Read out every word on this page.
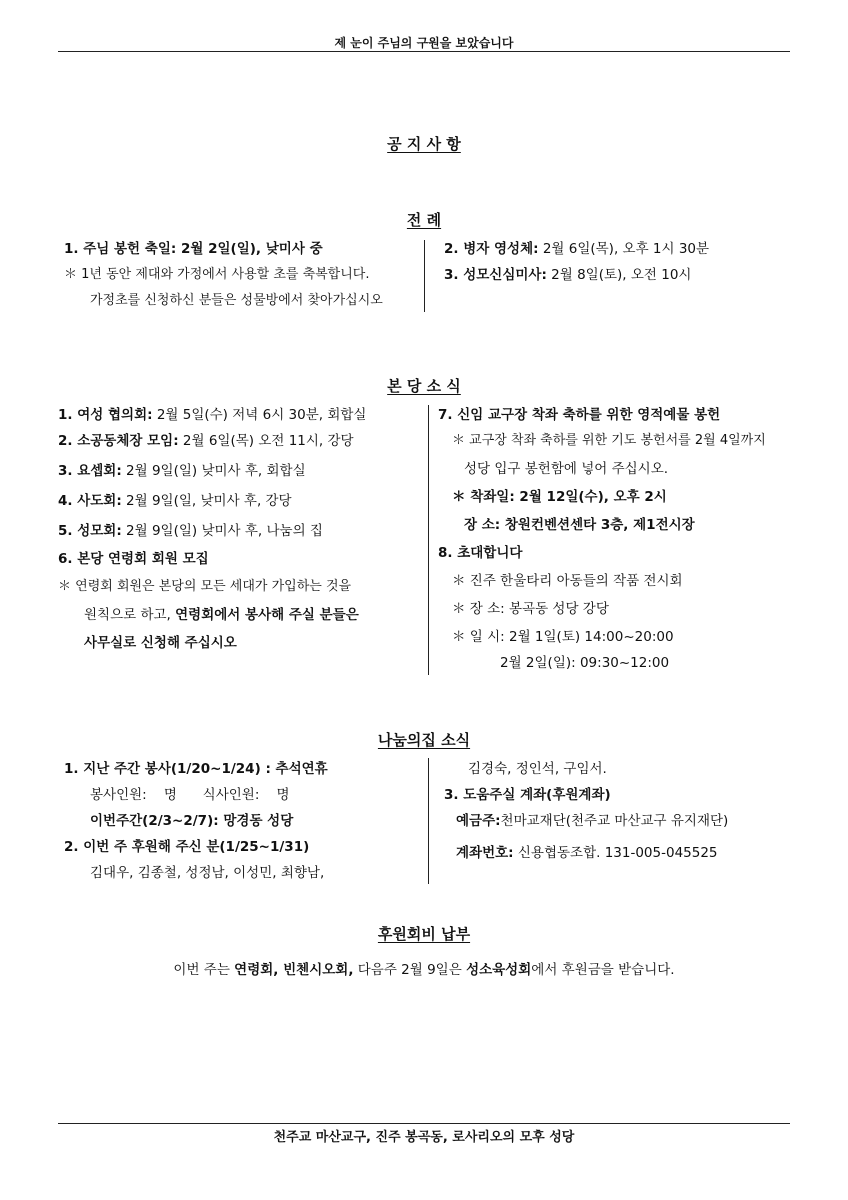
제 눈이 주님의 구원을 보았습니다
공 지 사 항
전 례
1. 주님 봉헌 축일: 2월 2일(일), 낮미사 중
＊ 1년 동안 제대와 가정에서 사용할 초를 축복합니다.
가정초를 신청하신 분들은 성물방에서 찾아가십시오
2. 병자 영성체: 2월 6일(목), 오후 1시 30분
3. 성모신심미사: 2월 8일(토), 오전 10시
본 당 소 식
1. 여성 협의회: 2월 5일(수) 저녁 6시 30분, 회합실
2. 소공동체장 모임: 2월 6일(목) 오전 11시, 강당
3. 요셉회: 2월 9일(일) 낮미사 후, 회합실
4. 사도회: 2월 9일(일, 낮미사 후, 강당
5. 성모회: 2월 9일(일) 낮미사 후, 나눔의 집
6. 본당 연령회 회원 모집
＊ 연령회 회원은 본당의 모든 세대가 가입하는 것을
원칙으로 하고, 연령회에서 봉사해 주실 분들은
사무실로 신청해 주십시오
7. 신임 교구장 착좌 축하를 위한 영적예물 봉헌
＊ 교구장 착좌 축하를 위한 기도 봉헌서를 2월 4일까지
성당 입구 봉헌함에 넣어 주십시오.
＊ 착좌일: 2월 12일(수), 오후 2시
장 소: 창원컨벤션센타 3층, 제1전시장
8. 초대합니다
＊ 진주 한울타리 아동들의 작품 전시회
＊ 장 소: 봉곡동 성당 강당
＊ 일 시: 2월 1일(토) 14:00~20:00
2월 2일(일): 09:30~12:00
나눔의집 소식
1. 지난 주간 봉사(1/20~1/24) : 추석연휴
봉사인원:    명      식사인원:    명
이번주간(2/3~2/7): 망경동 성당
2. 이번 주 후원해 주신 분(1/25~1/31)
김대우, 김종철, 성정남, 이성민, 최향남,
김경숙, 정인석, 구임서.
3. 도움주실 계좌(후원계좌)
예금주:천마교재단(천주교 마산교구 유지재단)
계좌번호: 신용협동조합. 131-005-045525
후원회비 납부
이번 주는 연령회, 빈첸시오회, 다음주 2월 9일은 성소육성회에서 후원금을 받습니다.
천주교 마산교구, 진주 봉곡동, 로사리오의 모후 성당
